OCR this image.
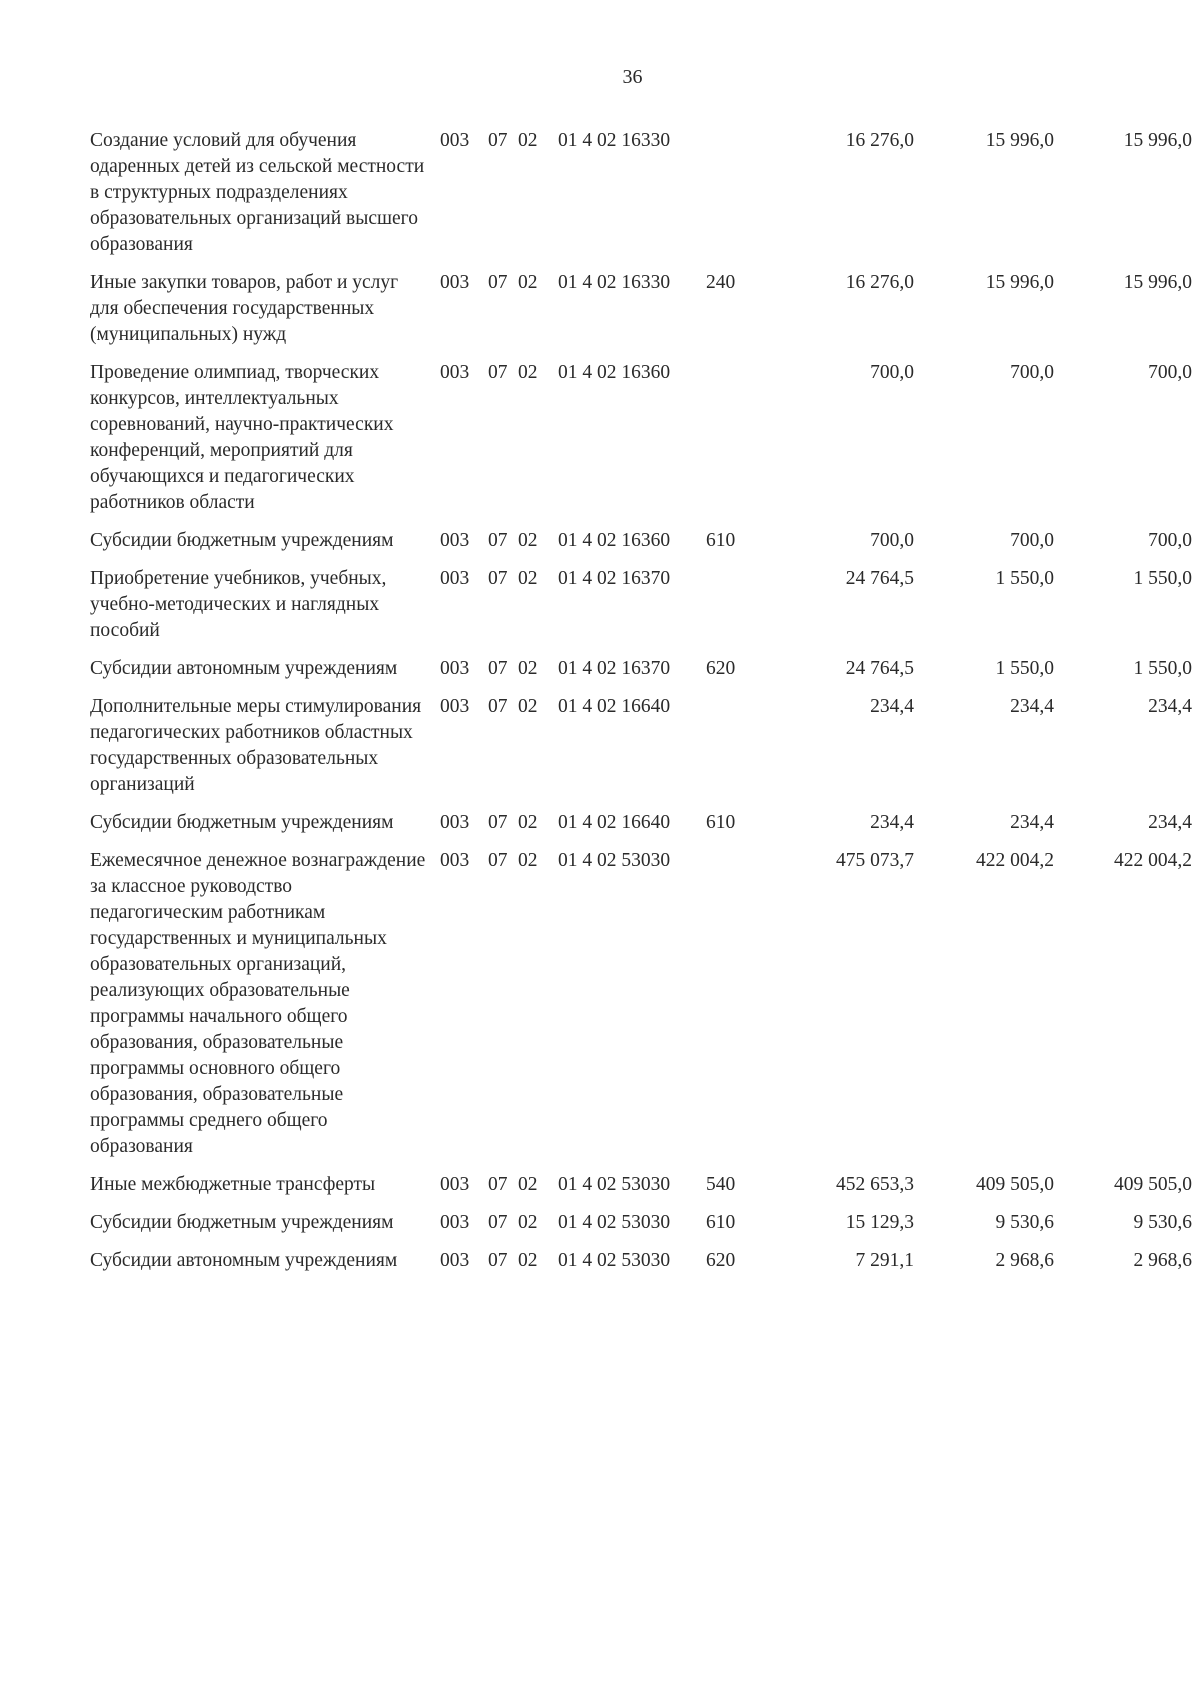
36
Создание условий для обучения одаренных детей из сельской местности в структурных подразделениях образовательных организаций высшего образования	003	07	02	01 4 02 16330		16 276,0	15 996,0	15 996,0
Иные закупки товаров, работ и услуг для обеспечения государственных (муниципальных) нужд	003	07	02	01 4 02 16330	240	16 276,0	15 996,0	15 996,0
Проведение олимпиад, творческих конкурсов, интеллектуальных соревнований, научно-практических конференций, мероприятий для обучающихся и педагогических работников области	003	07	02	01 4 02 16360		700,0	700,0	700,0
Субсидии бюджетным учреждениям	003	07	02	01 4 02 16360	610	700,0	700,0	700,0
Приобретение учебников, учебных, учебно-методических и наглядных пособий	003	07	02	01 4 02 16370		24 764,5	1 550,0	1 550,0
Субсидии автономным учреждениям	003	07	02	01 4 02 16370	620	24 764,5	1 550,0	1 550,0
Дополнительные меры стимулирования педагогических работников областных государственных образовательных организаций	003	07	02	01 4 02 16640		234,4	234,4	234,4
Субсидии бюджетным учреждениям	003	07	02	01 4 02 16640	610	234,4	234,4	234,4
Ежемесячное денежное вознаграждение за классное руководство педагогическим работникам государственных и муниципальных образовательных организаций, реализующих образовательные программы начального общего образования, образовательные программы основного общего образования, образовательные программы среднего общего образования	003	07	02	01 4 02 53030		475 073,7	422 004,2	422 004,2
Иные межбюджетные трансферты	003	07	02	01 4 02 53030	540	452 653,3	409 505,0	409 505,0
Субсидии бюджетным учреждениям	003	07	02	01 4 02 53030	610	15 129,3	9 530,6	9 530,6
Субсидии автономным учреждениям	003	07	02	01 4 02 53030	620	7 291,1	2 968,6	2 968,6
